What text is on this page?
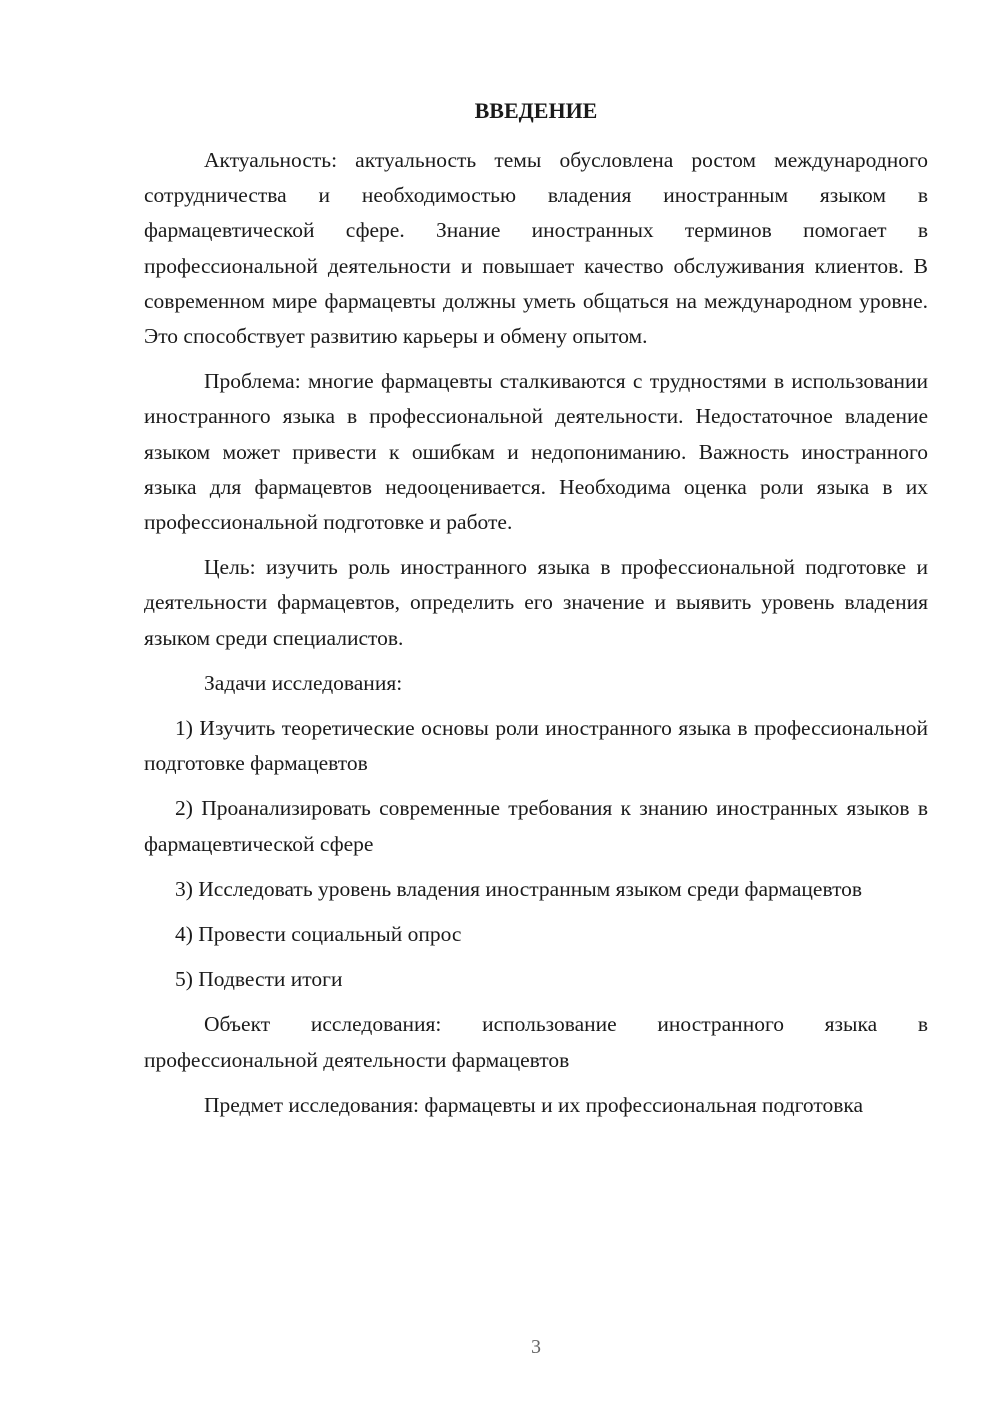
ВВЕДЕНИЕ

Актуальность: актуальность темы обусловлена ростом международного сотрудничества и необходимостью владения иностранным языком в фармацевтической сфере. Знание иностранных терминов помогает в профессиональной деятельности и повышает качество обслуживания клиентов. В современном мире фармацевты должны уметь общаться на международном уровне. Это способствует развитию карьеры и обмену опытом.

Проблема: многие фармацевты сталкиваются с трудностями в использовании иностранного языка в профессиональной деятельности. Недостаточное владение языком может привести к ошибкам и недопониманию. Важность иностранного языка для фармацевтов недооценивается. Необходима оценка роли языка в их профессиональной подготовке и работе.

Цель: изучить роль иностранного языка в профессиональной подготовке и деятельности фармацевтов, определить его значение и выявить уровень владения языком среди специалистов.

Задачи исследования:

1) Изучить теоретические основы роли иностранного языка в профессиональной подготовке фармацевтов

2) Проанализировать современные требования к знанию иностранных языков в фармацевтической сфере

3) Исследовать уровень владения иностранным языком среди фармацевтов

4) Провести социальный опрос

5) Подвести итоги

Объект исследования: использование иностранного языка в профессиональной деятельности фармацевтов

Предмет исследования: фармацевты и их профессиональная подготовка

3
